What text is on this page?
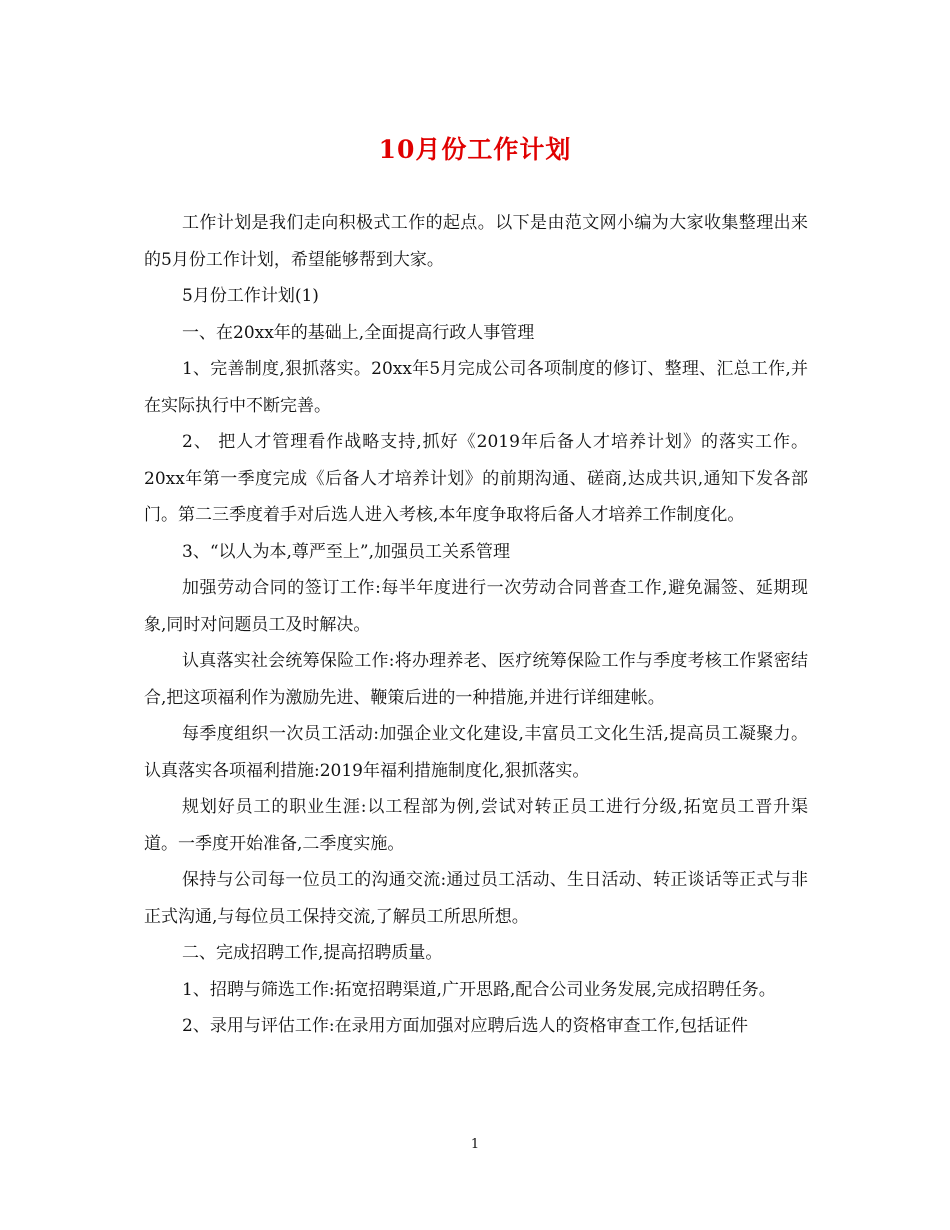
10月份工作计划

工作计划是我们走向积极式工作的起点。以下是由范文网小编为大家收集整理出来的5月份工作计划，希望能够帮到大家。

5月份工作计划(1)

一、在20xx年的基础上,全面提高行政人事管理

1、完善制度,狠抓落实。20xx年5月完成公司各项制度的修订、整理、汇总工作,并在实际执行中不断完善。

2、 把人才管理看作战略支持,抓好《2019年后备人才培养计划》的落实工作。20xx年第一季度完成《后备人才培养计划》的前期沟通、磋商,达成共识,通知下发各部门。第二三季度着手对后选人进入考核,本年度争取将后备人才培养工作制度化。

3、“以人为本,尊严至上”,加强员工关系管理

加强劳动合同的签订工作:每半年度进行一次劳动合同普查工作,避免漏签、延期现象,同时对问题员工及时解决。

认真落实社会统筹保险工作:将办理养老、医疗统筹保险工作与季度考核工作紧密结合,把这项福利作为激励先进、鞭策后进的一种措施,并进行详细建帐。

每季度组织一次员工活动:加强企业文化建设,丰富员工文化生活,提高员工凝聚力。 认真落实各项福利措施:2019年福利措施制度化,狠抓落实。

规划好员工的职业生涯:以工程部为例,尝试对转正员工进行分级,拓宽员工晋升渠道。一季度开始准备,二季度实施。

保持与公司每一位员工的沟通交流:通过员工活动、生日活动、转正谈话等正式与非正式沟通,与每位员工保持交流,了解员工所思所想。

二、完成招聘工作,提高招聘质量。

1、招聘与筛选工作:拓宽招聘渠道,广开思路,配合公司业务发展,完成招聘任务。

2、录用与评估工作:在录用方面加强对应聘后选人的资格审查工作,包括证件

1
